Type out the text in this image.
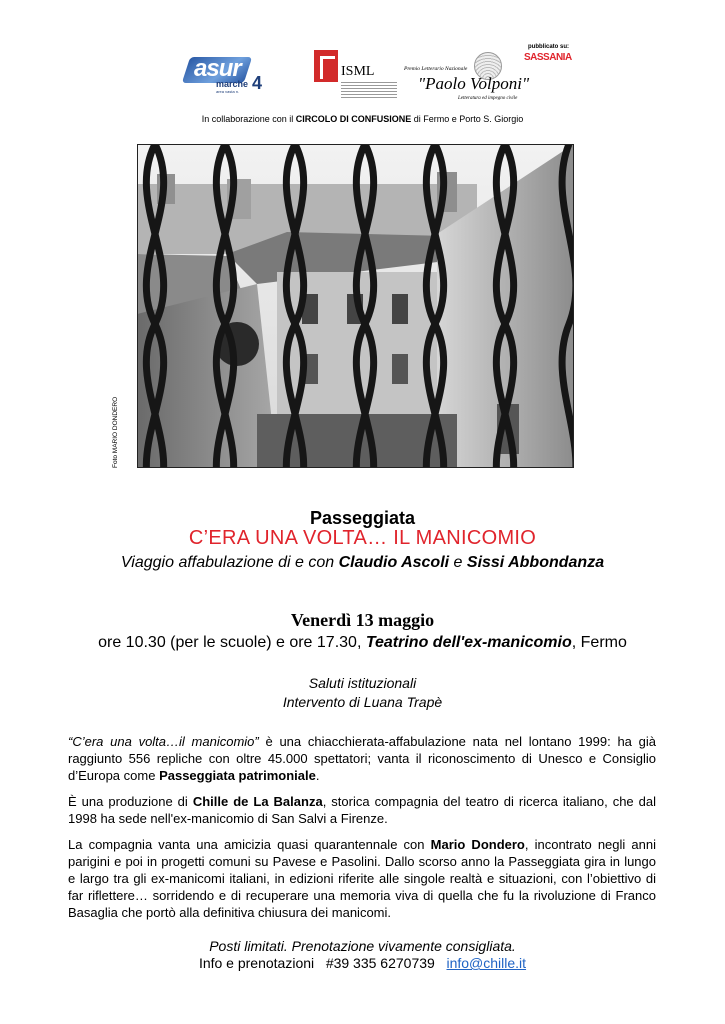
asur
marche 4
area vasta n.
ISML	Premio Letterario Nazionale
"Paolo Volponi"
Letteratura ed impegno civile
pubblicato su:
SASSANIA
In collaborazione con il CIRCOLO DI CONFUSIONE di Fermo e Porto S. Giorgio
Foto MARIO DONDERO
Passeggiata
C’ERA UNA VOLTA… IL MANICOMIO
Viaggio affabulazione di e con Claudio Ascoli e Sissi Abbondanza
Venerdì 13 maggio
ore 10.30 (per le scuole) e ore 17.30, Teatrino dell'ex-manicomio, Fermo
Saluti istituzionali
Intervento di Luana Trapè
“C’era una volta…il manicomio” è una chiacchierata-affabulazione nata nel lontano 1999: ha già raggiunto 556 repliche con oltre 45.000 spettatori; vanta il riconoscimento di Unesco e Consiglio d’Europa come Passeggiata patrimoniale.
È una produzione di Chille de La Balanza, storica compagnia del teatro di ricerca italiano, che dal 1998 ha sede nell'ex-manicomio di San Salvi a Firenze.
La compagnia vanta una amicizia quasi quarantennale con Mario Dondero, incontrato negli anni parigini e poi in progetti comuni su Pavese e Pasolini. Dallo scorso anno la Passeggiata gira in lungo e largo tra gli ex-manicomi italiani, in edizioni riferite alle singole realtà e situazioni, con l’obiettivo di far riflettere… sorridendo e di recuperare una memoria viva di quella che fu la rivoluzione di Franco Basaglia che portò alla definitiva chiusura dei manicomi.
Posti limitati. Prenotazione vivamente consigliata.
Info e prenotazioni #39 335 6270739 info@chille.it
